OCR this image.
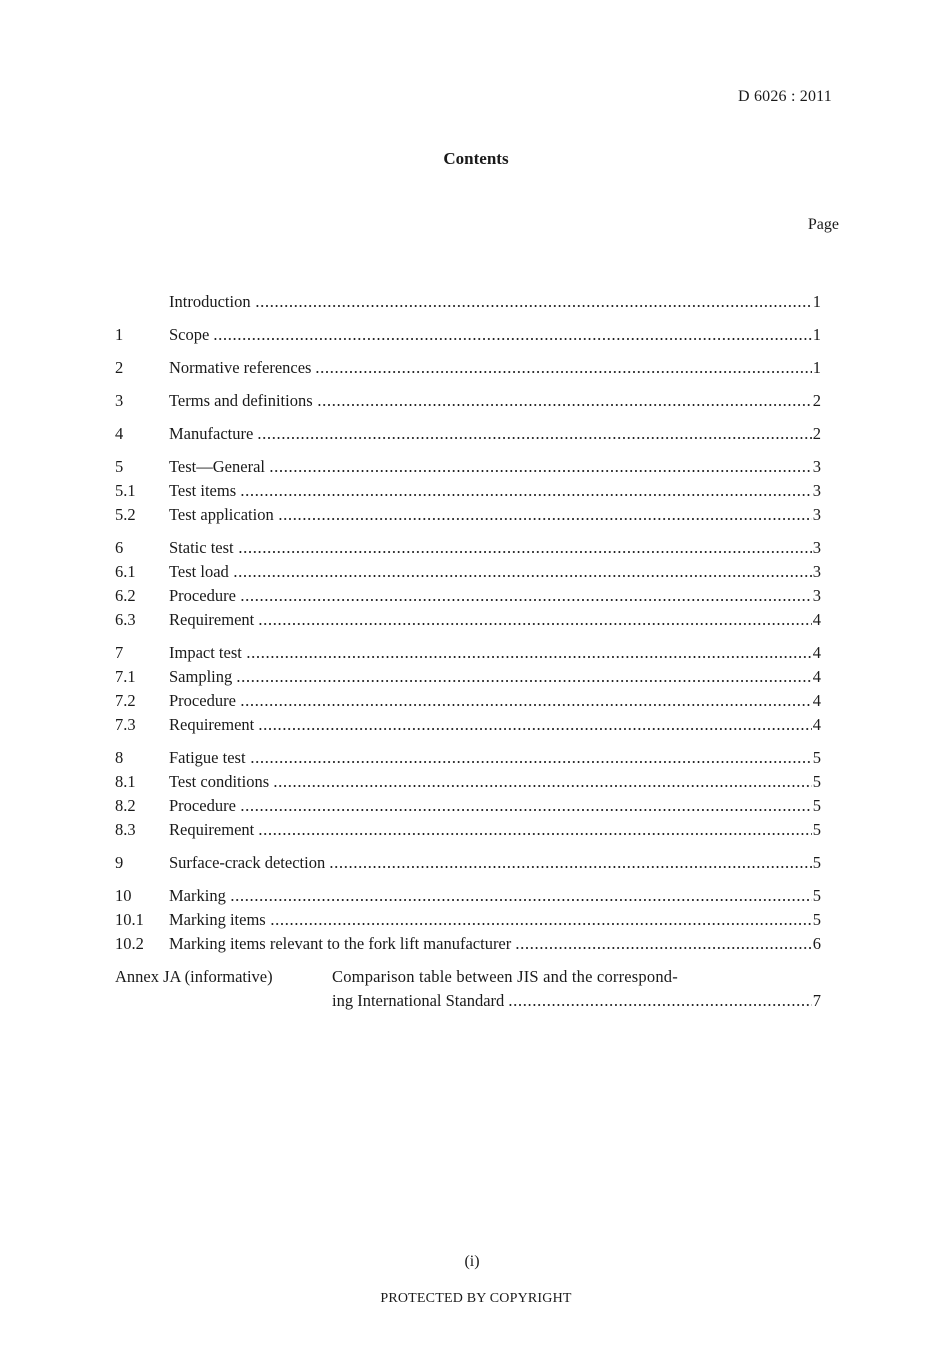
D 6026 : 2011
Contents
Page
Introduction	1
1	Scope	1
2	Normative references	1
3	Terms and definitions	2
4	Manufacture	2
5	Test—General	3
5.1	Test items	3
5.2	Test application	3
6	Static test	3
6.1	Test load	3
6.2	Procedure	3
6.3	Requirement	4
7	Impact test	4
7.1	Sampling	4
7.2	Procedure	4
7.3	Requirement	4
8	Fatigue test	5
8.1	Test conditions	5
8.2	Procedure	5
8.3	Requirement	5
9	Surface-crack detection	5
10	Marking	5
10.1	Marking items	5
10.2	Marking items relevant to the fork lift manufacturer	6
Annex JA (informative)	Comparison table between JIS and the correspond-
ing International Standard	7
(i)
PROTECTED BY COPYRIGHT
